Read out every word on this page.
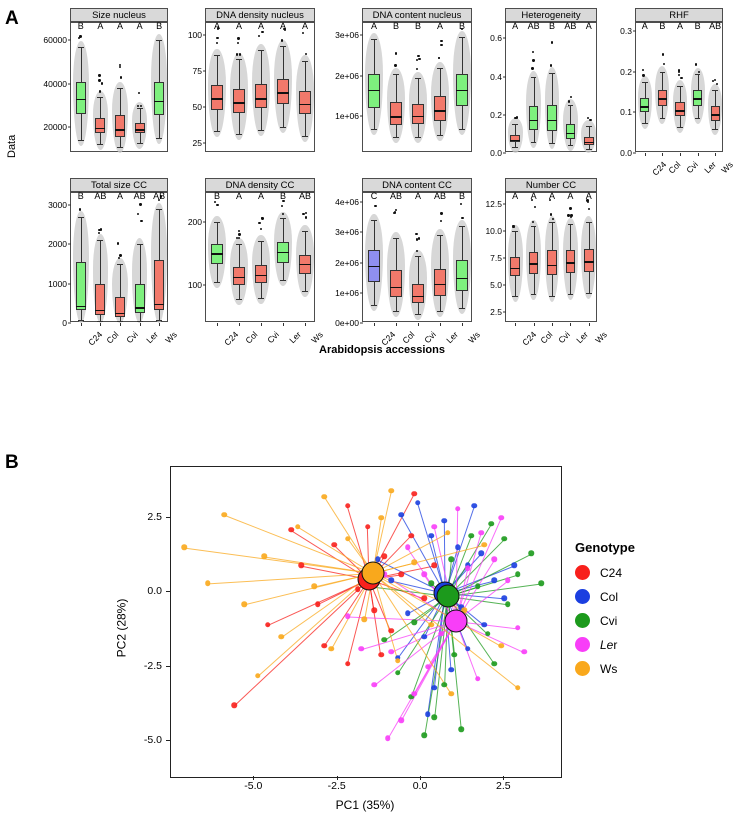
A
B
Data
Arabidopsis accessions
Size nucleus
20000
40000
60000
B A A A B
DNA density nucleus
25
50
75
100
A A A A A
DNA content nucleus
1e+06
2e+06
3e+06
A B B A B
Heterogeneity
0.0
0.2
0.4
0.6
A AB B AB A
RHF
0.0
0.1
0.2
0.3
A
C24
B
Col
A
Cvi
B
Ler
AB
Ws
Total size CC
0
1000
2000
3000
B
C24
AB
Col
A
Cvi
AB
Ler
AB
Ws
DNA density CC
100
200
B
C24
A
Col
A
Cvi
B
Ler
AB
Ws
DNA content CC
0e+00
1e+06
2e+06
3e+06
4e+06
C
C24
AB
Col
A
Cvi
AB
Ler
B
Ws
Number CC
2.5
5.0
7.5
10.0
12.5
A
C24
A
Col
A
Cvi
A
Ler
A
Ws
PC1 (35%)
PC2 (28%)
-5.0	-2.5	0.0	2.5
-5.0
-2.5
0.0
2.5
Genotype
C24
Col
Cvi
Ler
Ws
